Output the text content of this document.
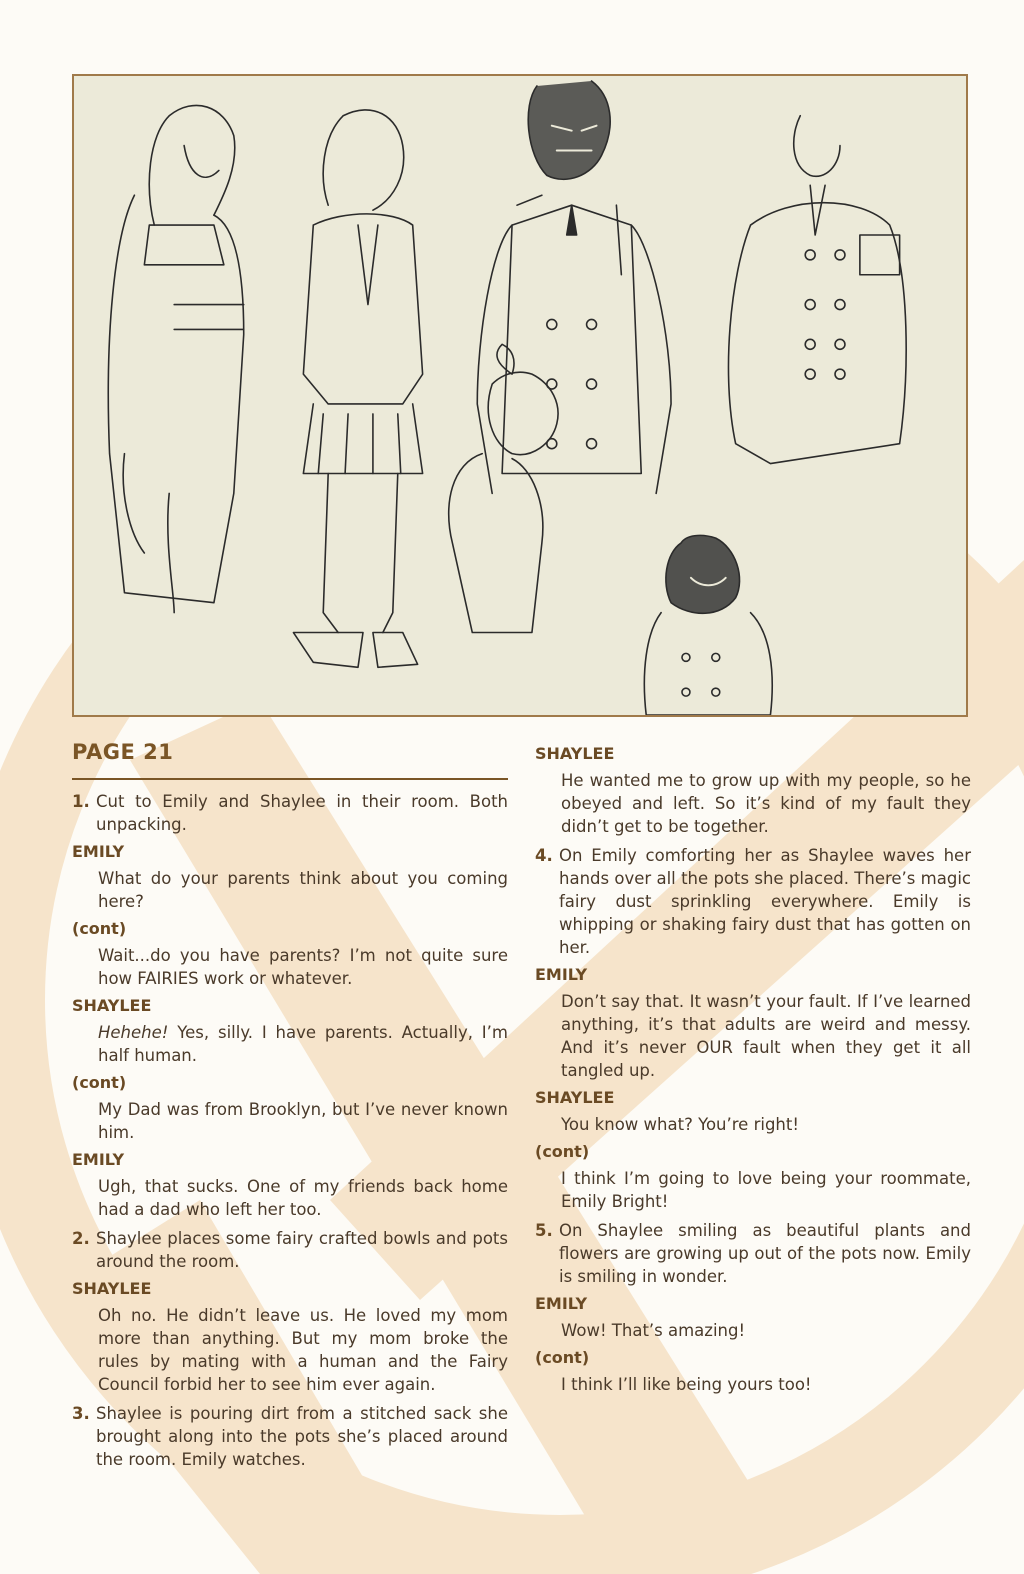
PAGE 21
1. Cut to Emily and Shaylee in their room. Both unpacking.
EMILY
What do your parents think about you coming here?
(cont)
Wait...do you have parents? I’m not quite sure how FAIRIES work or whatever.
SHAYLEE
Hehehe! Yes, silly. I have parents. Actually, I’m half human.
(cont)
My Dad was from Brooklyn, but I’ve never known him.
EMILY
Ugh, that sucks. One of my friends back home had a dad who left her too.
2. Shaylee places some fairy crafted bowls and pots around the room.
SHAYLEE
Oh no. He didn’t leave us. He loved my mom more than anything. But my mom broke the rules by mating with a human and the Fairy Council forbid her to see him ever again.
3. Shaylee is pouring dirt from a stitched sack she brought along into the pots she’s placed around the room. Emily watches.
SHAYLEE
He wanted me to grow up with my people, so he obeyed and left. So it’s kind of my fault they didn’t get to be together.
4. On Emily comforting her as Shaylee waves her hands over all the pots she placed. There’s magic fairy dust sprinkling everywhere. Emily is whipping or shaking fairy dust that has gotten on her.
EMILY
Don’t say that. It wasn’t your fault. If I’ve learned anything, it’s that adults are weird and messy. And it’s never OUR fault when they get it all tangled up.
SHAYLEE
You know what? You’re right!
(cont)
I think I’m going to love being your roommate, Emily Bright!
5. On Shaylee smiling as beautiful plants and flowers are growing up out of the pots now. Emily is smiling in wonder.
EMILY
Wow! That’s amazing!
(cont)
I think I’ll like being yours too!
